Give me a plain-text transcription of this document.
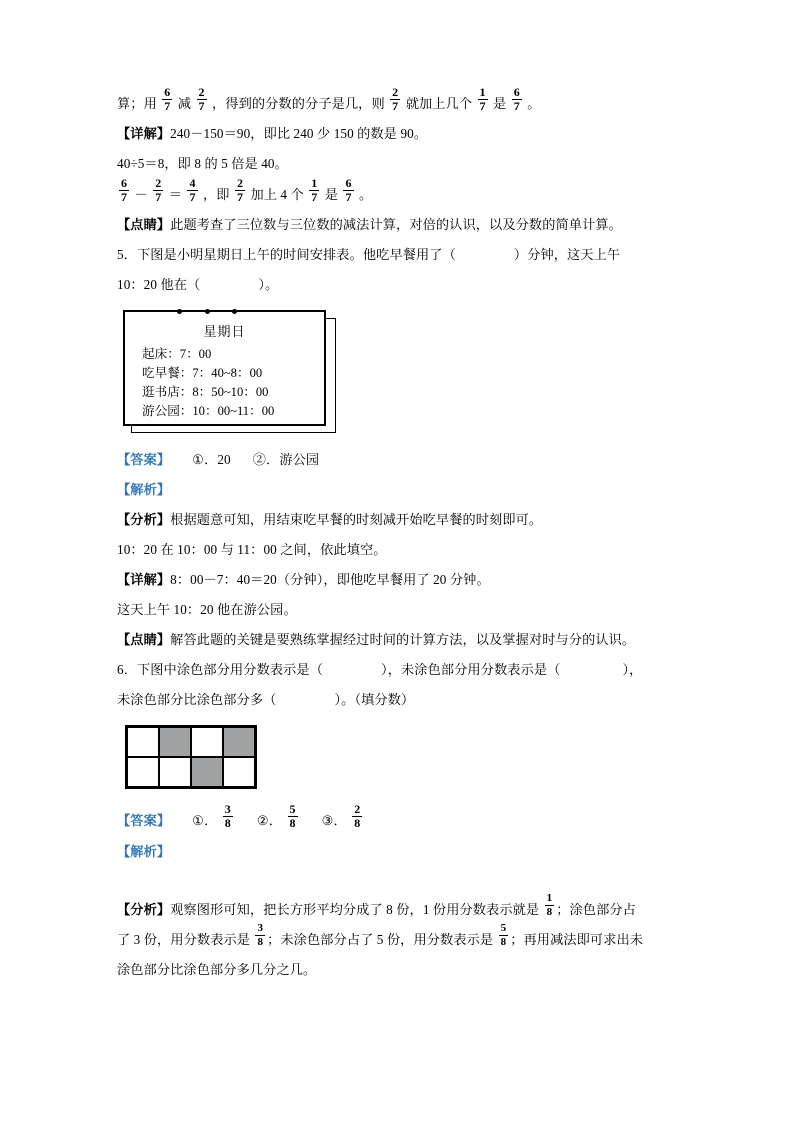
算；用 $\frac{6}{7}$ 减 $\frac{2}{7}$ ，得到的分数的分子是几，则 $\frac{2}{7}$ 就加上几个 $\frac{1}{7}$ 是 $\frac{6}{7}$ 。
【详解】240－150＝90，即比 240 少 150 的数是 90。
40÷5＝8，即 8 的 5 倍是 40。
$\frac{6}{7} - \frac{2}{7} = \frac{4}{7}$ ，即 $\frac{2}{7}$ 加上 4 个 $\frac{1}{7}$ 是 $\frac{6}{7}$ 。
【点睛】此题考查了三位数与三位数的减法计算，对倍的认识，以及分数的简单计算。
5．下图是小明星期日上午的时间安排表。他吃早餐用了（	）分钟，这天上午
10：20 他在（	）。
星期日
起床：7：00
吃早餐：7：40~8：00
逛书店：8：50~10：00
游公园：10：00~11：00
【答案】 ①．20 ②．游公园
【解析】
【分析】根据题意可知，用结束吃早餐的时刻减开始吃早餐的时刻即可。
10：20 在 10：00 与 11：00 之间，依此填空。
【详解】8：00－7：40＝20（分钟），即他吃早餐用了 20 分钟。
这天上午 10：20 他在游公园。
【点睛】解答此题的关键是要熟练掌握经过时间的计算方法，以及掌握对时与分的认识。
6．下图中涂色部分用分数表示是（	），未涂色部分用分数表示是（	），
未涂色部分比涂色部分多（	）。（填分数）
【答案】 ①． $\frac{3}{8}$ ②． $\frac{5}{8}$ ③． $\frac{2}{8}$
【解析】
【分析】观察图形可知，把长方形平均分成了 8 份，1 份用分数表示就是 $\frac{1}{8}$ ；涂色部分占
了 3 份，用分数表示是 $\frac{3}{8}$ ；未涂色部分占了 5 份，用分数表示是 $\frac{5}{8}$ ；再用减法即可求出未
涂色部分比涂色部分多几分之几。
